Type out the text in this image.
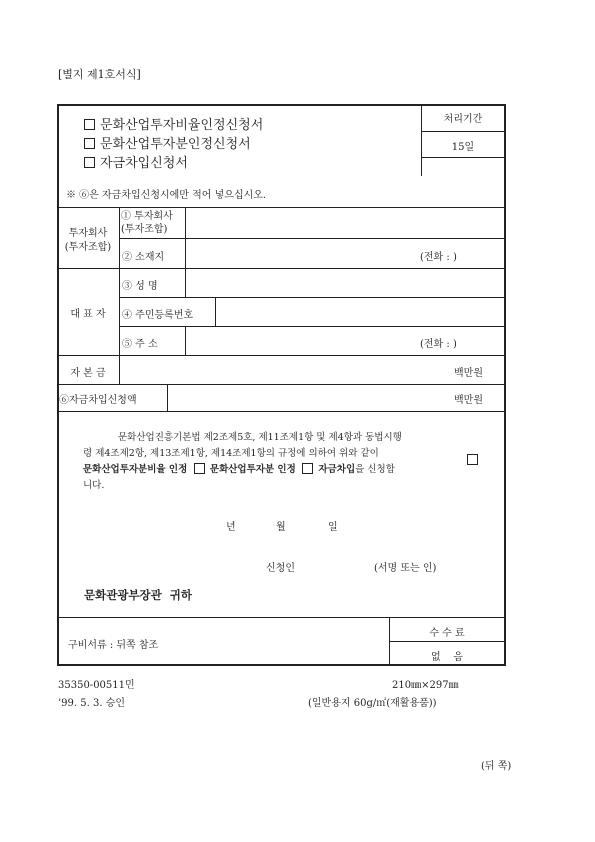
[별지 제1호서식]
문화산업투자비율인정신청서
문화산업투자분인정신청서
자금차입신청서
처리기간
15일
※ ⑥은 자금차입신청시에만 적어 넣으십시오.
투자회사
(투자조합)
① 투자회사
(투자조합)
② 소재지	(전화 : )
대 표 자
③ 성 명
④ 주민등록번호
⑤ 주 소	(전화 : )
자 본 금	백만원
⑥자금차입신청액	백만원
문화산업진흥기본법 제2조제5호, 제11조제1항 및 제4항과 동법시행
령 제4조제2항, 제13조제1항, 제14조제1항의 규정에 의하여 위와 같이
문화산업투자분비율 인정 문화산업투자분 인정 자금차입을 신청합
니다.
년	월	일
신청인	(서명 또는 인)
문화관광부장관  귀하
구비서류 : 뒤쪽 참조
수 수 료
없    음
35350-00511민
’99. 5. 3. 승인
210㎜×297㎜
(일반용지 60g/㎡(재활용품))
(뒤 쪽)
